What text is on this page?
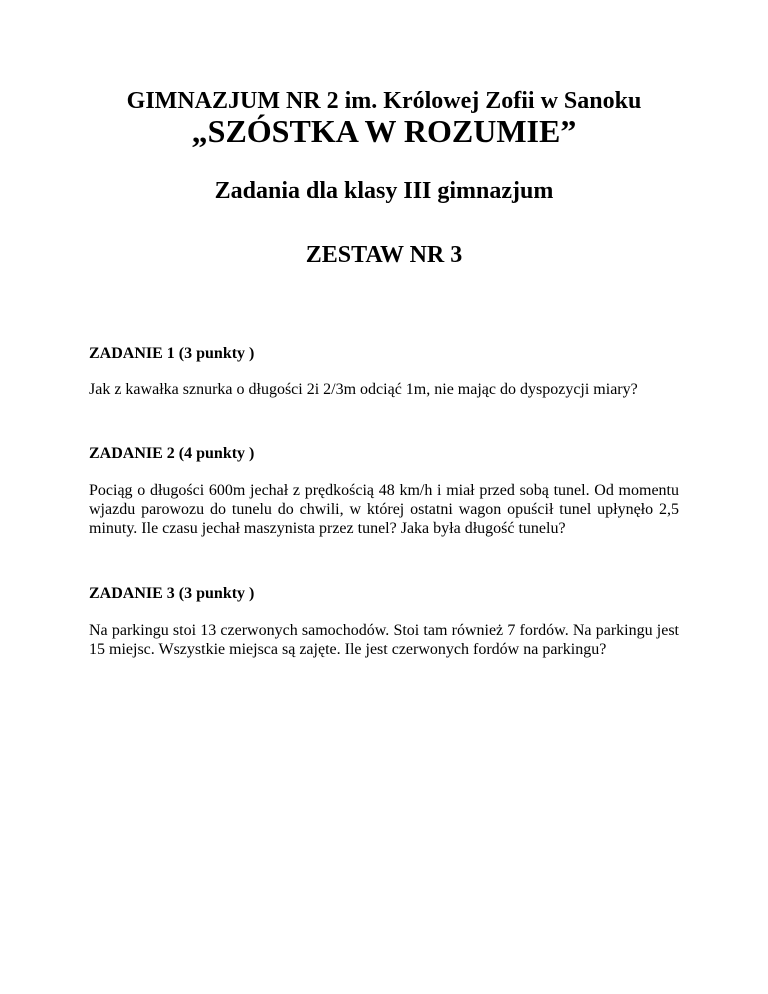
GIMNAZJUM NR 2 im. Królowej Zofii w Sanoku
„SZÓSTKA W ROZUMIE”
Zadania dla klasy III gimnazjum
ZESTAW NR 3
ZADANIE 1 (3 punkty )
Jak z kawałka sznurka o długości 2i 2/3m odciąć 1m, nie mając do dyspozycji miary?
ZADANIE 2 (4 punkty )
Pociąg o długości 600m jechał z prędkością 48 km/h i miał przed sobą tunel. Od momentu wjazdu parowozu do tunelu do chwili, w której ostatni wagon opuścił tunel upłynęło 2,5 minuty. Ile czasu jechał maszynista przez tunel? Jaka była długość tunelu?
ZADANIE 3 (3 punkty )
Na parkingu stoi 13 czerwonych samochodów. Stoi tam również 7 fordów. Na parkingu jest 15 miejsc. Wszystkie miejsca są zajęte. Ile jest czerwonych fordów na parkingu?
